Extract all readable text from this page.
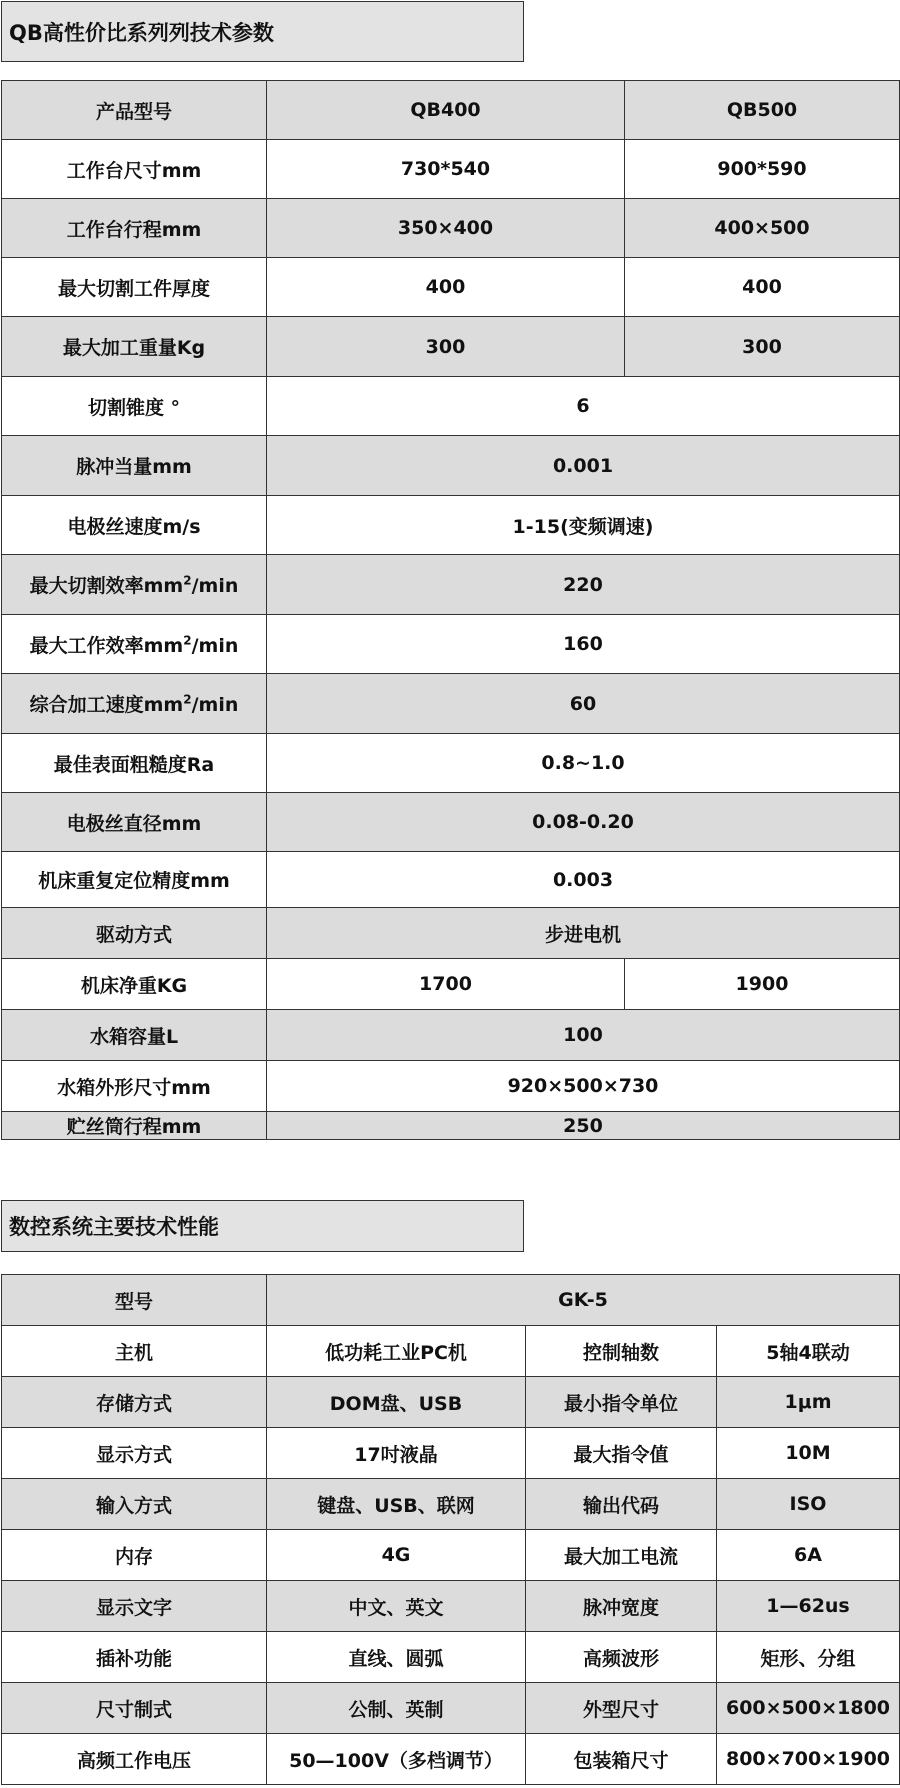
QB高性价比系列列技术参数
产品型号	QB400	QB500
工作台尺寸mm	730*540	900*590
工作台行程mm	350×400	400×500
最大切割工件厚度	400	400
最大加工重量Kg	300	300
切割锥度 °	6	
脉冲当量mm	0.001	
电极丝速度m/s	1-15(变频调速)	
最大切割效率$mm^2/\min$	220	
最大工作效率$mm^2/\min$	160	
综合加工速度$mm^2/\min$	60	
最佳表面粗糙度Ra	0.8~1.0	
电极丝直径mm	0.08-0.20	
机床重复定位精度mm	0.003	
驱动方式	步进电机	
机床净重KG	1700	1900
水箱容量L	100	
水箱外形尺寸mm	920×500×730	
贮丝筒行程mm	250	
数控系统主要技术性能
型号	GK-5		
主机	低功耗工业PC机	控制轴数	5轴4联动
存储方式	DOM盘、USB	最小指令单位	1μm
显示方式	17吋液晶	最大指令值	10M
输入方式	键盘、USB、联网	输出代码	ISO
内存	4G	最大加工电流	6A
显示文字	中文、英文	脉冲宽度	1—62us
插补功能	直线、圆弧	高频波形	矩形、分组
尺寸制式	公制、英制	外型尺寸	600×500×1800
高频工作电压	50—100V（多档调节）	包装箱尺寸	800×700×1900
